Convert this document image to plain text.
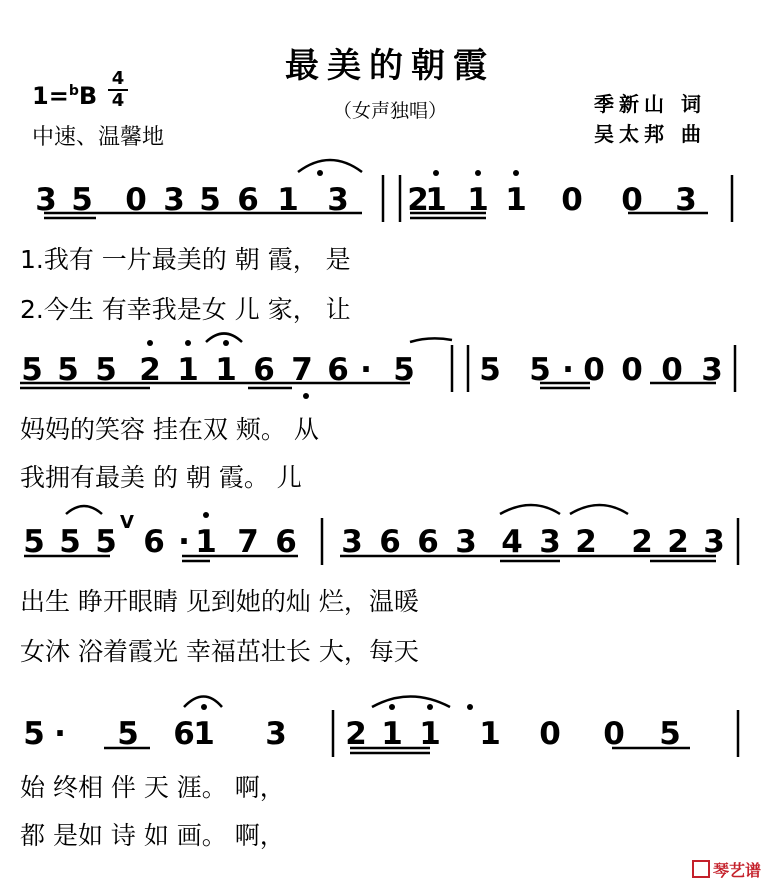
最美的朝霞
（女声独唱）
1=$^b$B
4
4
中速、温馨地
季新山 词
吴太邦 曲
3 5 0 3 5 6 1 3 2
1 1 1 0 0 3
5 5 5 2 1 1 6 7 6 · 5 5 5 · 0 0 0 3
5 5 5 6 · 1 7 6 3 6 6 3 4 3 2 2 2 3
V
5 ·	5 6
1 3 2 1 1 1 0 0 5
1.我有 一片最美的 朝 霞， 是
2.今生 有幸我是女 儿 家， 让
妈妈的笑容 挂在双 颊。 从
我拥有最美 的 朝 霞。 儿
出生 睁开眼睛 见到她的灿 烂，温暖
女沐 浴着霞光 幸福茁壮长 大，每天
始 终相 伴 天 涯。 啊，
都 是如 诗 如 画。 啊，
琴艺谱
